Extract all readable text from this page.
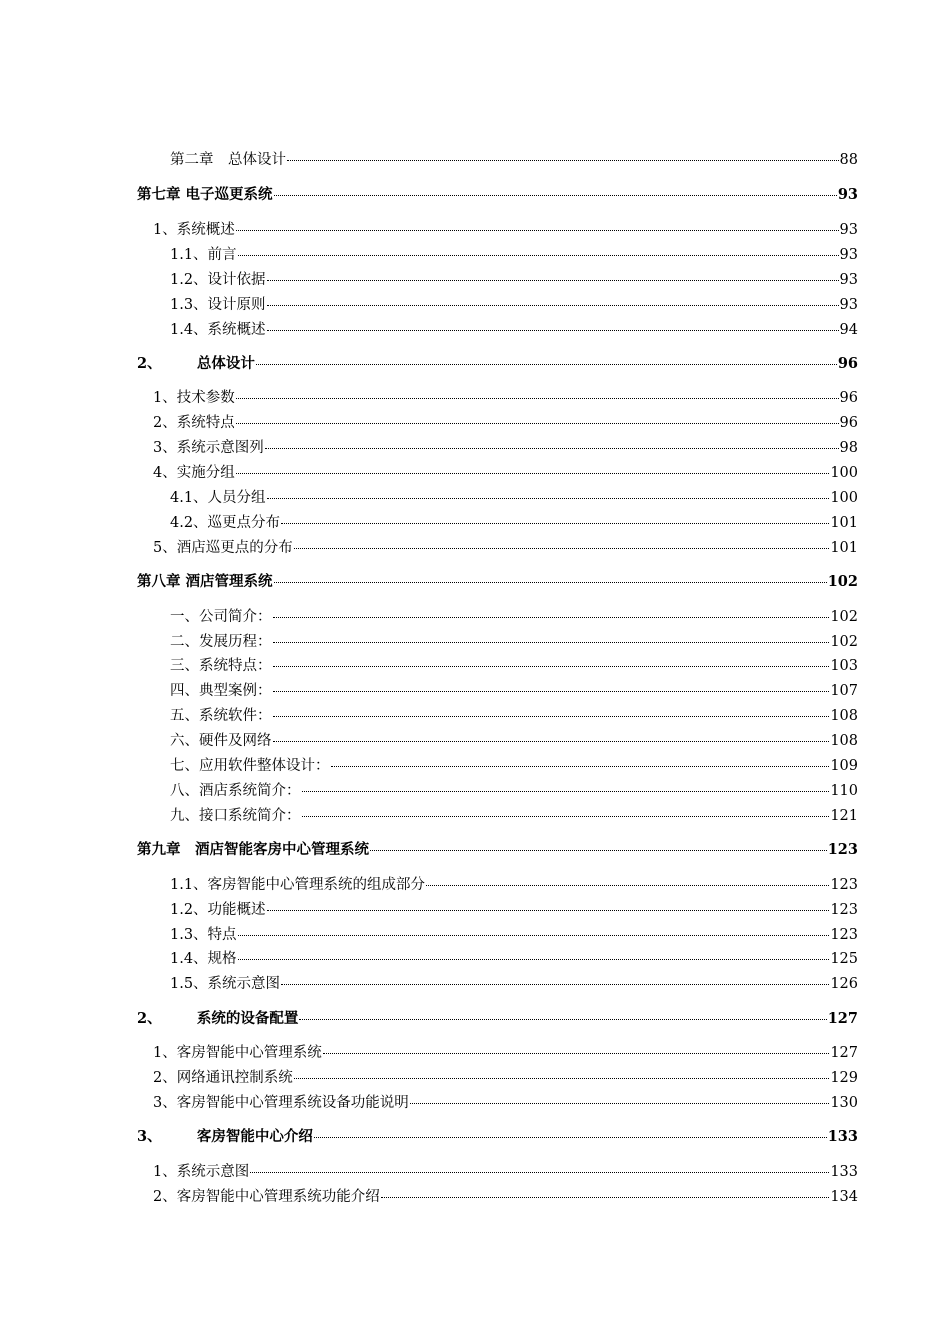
第二章　总体设计	88
第七章 电子巡更系统	93
1、系统概述	93
1.1、前言	93
1.2、设计依据	93
1.3、设计原则	93
1.4、系统概述	94
2、       总体设计	96
1、技术参数	96
2、系统特点	96
3、系统示意图列	98
4、实施分组	100
4.1、人员分组	100
4.2、巡更点分布	101
5、酒店巡更点的分布	101
第八章 酒店管理系统	102
一、公司简介：	102
二、发展历程：	102
三、系统特点：	103
四、典型案例：	107
五、系统软件：	108
六、硬件及网络	108
七、应用软件整体设计：	109
八、酒店系统简介：	110
九、接口系统简介：	121
第九章　酒店智能客房中心管理系统	123
1.1、客房智能中心管理系统的组成部分	123
1.2、功能概述	123
1.3、特点	123
1.4、规格	125
1.5、系统示意图	126
2、       系统的设备配置	127
1、客房智能中心管理系统	127
2、网络通讯控制系统	129
3、客房智能中心管理系统设备功能说明	130
3、       客房智能中心介绍	133
1、系统示意图	133
2、客房智能中心管理系统功能介绍	134
